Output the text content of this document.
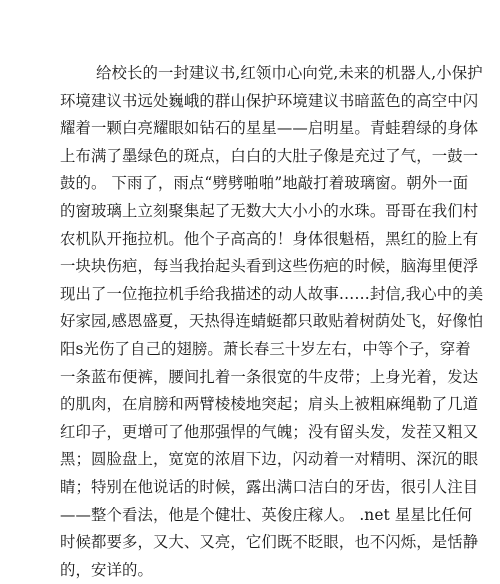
给校长的一封建议书,红领巾心向党,未来的机器人,小保护
环境建议书远处巍峨的群山保护环境建议书暗蓝色的高空中闪
耀着一颗白亮耀眼如钻石的星星——启明星。青蛙碧绿的身体
上布满了墨绿色的斑点，白白的大肚子像是充过了气，一鼓一
鼓的。 下雨了，雨点“劈劈啪啪”地敲打着玻璃窗。朝外一面
的窗玻璃上立刻聚集起了无数大大小小的水珠。哥哥在我们村
农机队开拖拉机。他个子高高的！身体很魁梧，黑红的脸上有
一块块伤疤，每当我抬起头看到这些伤疤的时候，脑海里便浮
现出了一位拖拉机手给我描述的动人故事……封信,我心中的美
好家园,感恩盛夏，天热得连蜻蜓都只敢贴着树荫处飞，好像怕
阳s光伤了自己的翅膀。萧长春三十岁左右，中等个子，穿着
一条蓝布便裤，腰间扎着一条很宽的牛皮带；上身光着，发达
的肌肉，在肩膀和两臂棱棱地突起；肩头上被粗麻绳勒了几道
红印子，更增可了他那强悍的气魄；没有留头发，发茬又粗又
黑；圆脸盘上，宽宽的浓眉下边，闪动着一对精明、深沉的眼
睛；特别在他说话的时候，露出满口洁白的牙齿，很引人注目
——整个看法，他是个健壮、英俊庄稼人。 .net 星星比任何
时候都要多，又大、又亮，它们既不眨眼，也不闪烁，是恬静
的，安详的。
